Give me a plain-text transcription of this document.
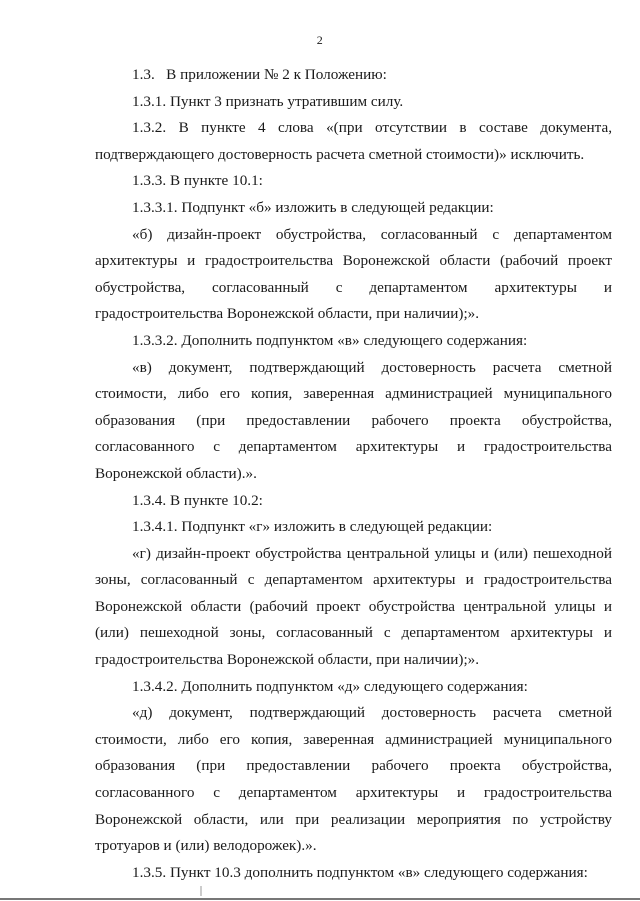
2

1.3.   В приложении № 2 к Положению:

1.3.1. Пункт 3 признать утратившим силу.

1.3.2. В пункте 4 слова «(при отсутствии в составе документа, подтверждающего достоверность расчета сметной стоимости)» исключить.

1.3.3. В пункте 10.1:

1.3.3.1. Подпункт «б» изложить в следующей редакции:

«б) дизайн-проект обустройства, согласованный с департаментом архитектуры и градостроительства Воронежской области (рабочий проект обустройства, согласованный с департаментом архитектуры и градостроительства Воронежской области, при наличии);».

1.3.3.2. Дополнить подпунктом «в» следующего содержания:

«в) документ, подтверждающий достоверность расчета сметной стоимости, либо его копия, заверенная администрацией муниципального образования (при предоставлении рабочего проекта обустройства, согласованного с департаментом архитектуры и градостроительства Воронежской области).».

1.3.4. В пункте 10.2:

1.3.4.1. Подпункт «г» изложить в следующей редакции:

«г) дизайн-проект обустройства центральной улицы и (или) пешеходной зоны, согласованный с департаментом архитектуры и градостроительства Воронежской области (рабочий проект обустройства центральной улицы и (или) пешеходной зоны, согласованный с департаментом архитектуры и градостроительства Воронежской области, при наличии);».

1.3.4.2. Дополнить подпунктом «д» следующего содержания:

«д) документ, подтверждающий достоверность расчета сметной стоимости, либо его копия, заверенная администрацией муниципального образования (при предоставлении рабочего проекта обустройства, согласованного с департаментом архитектуры и градостроительства Воронежской области, или при реализации мероприятия по устройству тротуаров и (или) велодорожек).».

1.3.5. Пункт 10.3 дополнить подпунктом «в» следующего содержания:
